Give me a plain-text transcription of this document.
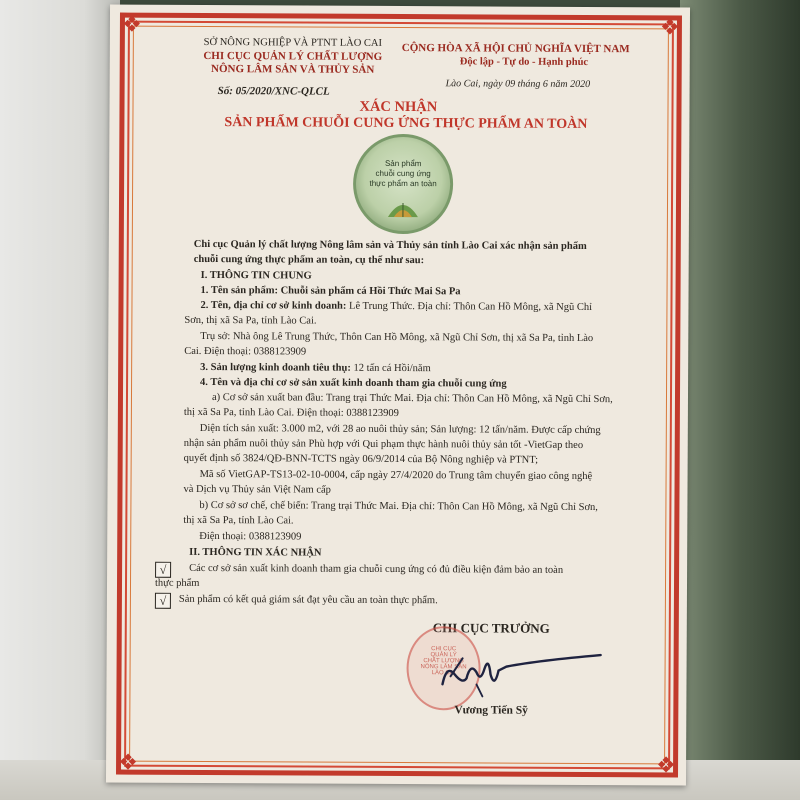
❖	❖
❖	❖
SỞ NÔNG NGHIỆP VÀ PTNT LÀO CAI
CHI CỤC QUẢN LÝ CHẤT LƯỢNG
NÔNG LÂM SẢN VÀ THỦY SẢN
Số: 05/2020/XNC-QLCL
CỘNG HÒA XÃ HỘI CHỦ NGHĨA VIỆT NAM
Độc lập - Tự do - Hạnh phúc
Lào Cai, ngày 09 tháng 6 năm 2020
XÁC NHẬN
SẢN PHẨM CHUỖI CUNG ỨNG THỰC PHẨM AN TOÀN
Sản phẩm
chuỗi cung ứng
thực phẩm an toàn
Chi cục Quản lý chất lượng Nông lâm sản và Thủy sản tỉnh Lào Cai xác nhận sản phẩm
chuỗi cung ứng thực phẩm an toàn, cụ thể như sau:
I. THÔNG TIN CHUNG
1. Tên sản phẩm: Chuỗi sản phẩm cá Hồi Thức Mai Sa Pa
2. Tên, địa chỉ cơ sở kinh doanh: Lê Trung Thức. Địa chỉ: Thôn Can Hồ Mông, xã Ngũ Chỉ
Sơn, thị xã Sa Pa, tỉnh Lào Cai.
Trụ sở: Nhà ông Lê Trung Thức, Thôn Can Hồ Mông, xã Ngũ Chỉ Sơn, thị xã Sa Pa, tỉnh Lào
Cai. Điện thoại: 0388123909
3. Sản lượng kinh doanh tiêu thụ: 12 tấn cá Hồi/năm
4. Tên và địa chỉ cơ sở sản xuất kinh doanh tham gia chuỗi cung ứng
a) Cơ sở sản xuất ban đầu: Trang trại Thức Mai. Địa chỉ: Thôn Can Hồ Mông, xã Ngũ Chỉ Sơn,
thị xã Sa Pa, tỉnh Lào Cai. Điện thoại: 0388123909
Diện tích sản xuất: 3.000 m2, với 28 ao nuôi thủy sản; Sản lượng: 12 tấn/năm. Được cấp chứng
nhận sản phẩm nuôi thủy sản Phù hợp với Qui phạm thực hành nuôi thủy sản tốt -VietGap theo
quyết định số 3824/QĐ-BNN-TCTS ngày 06/9/2014 của Bộ Nông nghiệp và PTNT;
Mã số VietGAP-TS13-02-10-0004, cấp ngày 27/4/2020 do Trung tâm chuyển giao công nghệ
và Dịch vụ Thủy sản Việt Nam cấp
b) Cơ sở sơ chế, chế biến: Trang trại Thức Mai. Địa chỉ: Thôn Can Hồ Mông, xã Ngũ Chỉ Sơn,
thị xã Sa Pa, tỉnh Lào Cai.
Điện thoại: 0388123909
II. THÔNG TIN XÁC NHẬN
√	Các cơ sở sản xuất kinh doanh tham gia chuỗi cung ứng có đủ điều kiện đảm bảo an toàn
thực phẩm
√	Sản phẩm có kết quả giám sát đạt yêu cầu an toàn thực phẩm.
CHI CỤC TRƯỞNG
CHI CỤC
QUẢN LÝ
CHẤT LƯỢNG
NÔNG LÂM SẢN
LÀO CAI
Vương Tiến Sỹ
